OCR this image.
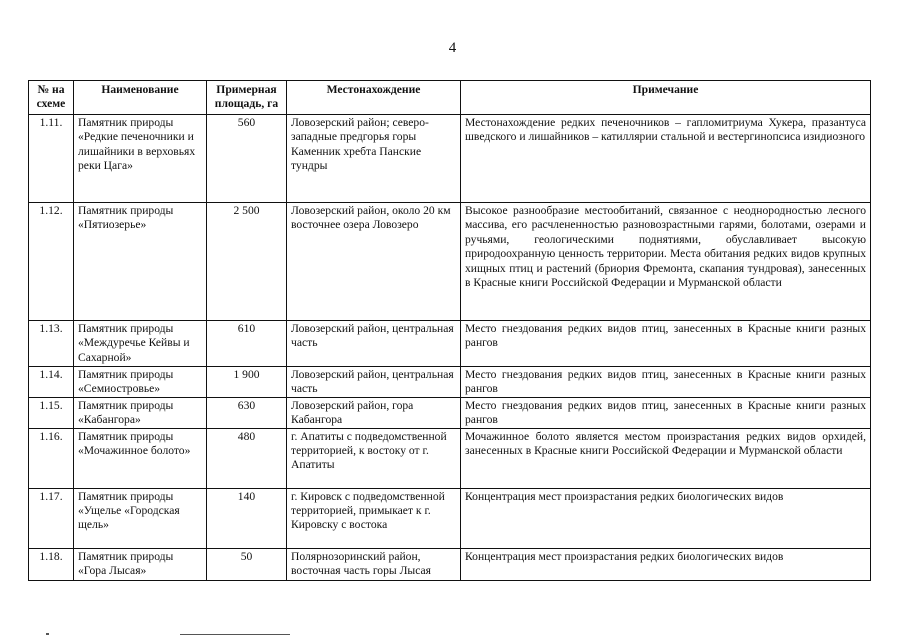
4
№ на схеме	Наименование	Примерная площадь, га	Местонахождение	Примечание
1.11.	Памятник природы «Редкие печеночники и лишайники в верховьях реки Цага»	560	Ловозерский район; северо-западные предгорья горы Каменник хребта Панские тундры	Местонахождение редких печеночников – гапломитриума Хукера, празантуса шведского и лишайников – катиллярии стальной и вестергинопсиса изидиозного
1.12.	Памятник природы «Пятиозерье»	2 500	Ловозерский район, около 20 км восточнее озера Ловозеро	Высокое разнообразие местообитаний, связанное с неоднородностью лесного массива, его расчлененностью разновозрастными гарями, болотами, озерами и ручьями, геологическими поднятиями, обуславливает высокую природоохранную ценность территории. Места обитания редких видов крупных хищных птиц и растений (бриория Фремонта, скапания тундровая), занесенных в Красные книги Российской Федерации и Мурманской области
1.13.	Памятник природы «Междуречье Кейвы и Сахарной»	610	Ловозерский район, центральная часть	Место гнездования редких видов птиц, занесенных в Красные книги разных рангов
1.14.	Памятник природы «Семиостровье»	1 900	Ловозерский район, центральная часть	Место гнездования редких видов птиц, занесенных в Красные книги разных рангов
1.15.	Памятник природы «Кабангора»	630	Ловозерский район, гора Кабангора	Место гнездования редких видов птиц, занесенных в Красные книги разных рангов
1.16.	Памятник природы «Мочажинное болото»	480	г. Апатиты с подведомственной территорией, к востоку от г. Апатиты	Мочажинное болото является местом произрастания редких видов орхидей, занесенных в Красные книги Российской Федерации и Мурманской области
1.17.	Памятник природы «Ущелье «Городская щель»	140	г. Кировск с подведомственной территорией, примыкает к г. Кировску с востока	Концентрация мест произрастания редких биологических видов
1.18.	Памятник природы «Гора Лысая»	50	Полярнозоринский район, восточная часть горы Лысая	Концентрация мест произрастания редких биологических видов
